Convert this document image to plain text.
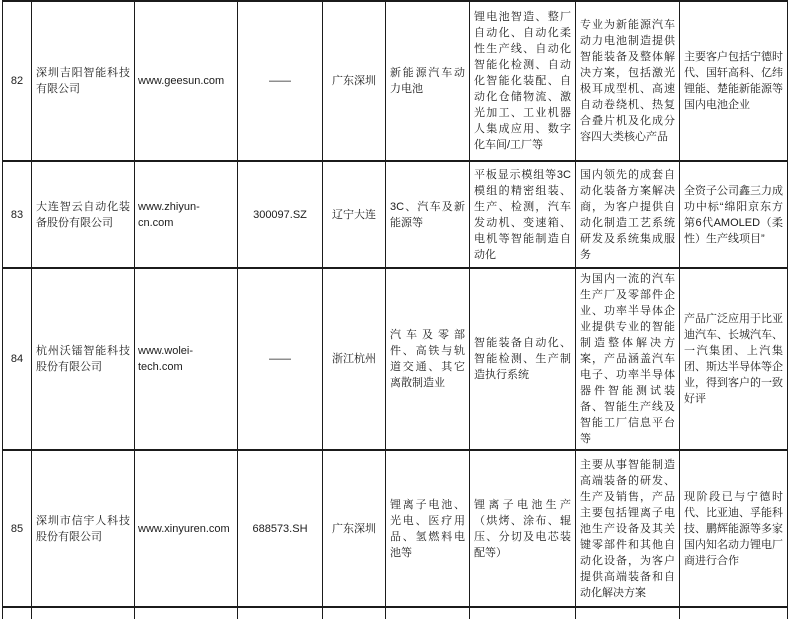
82	深圳吉阳智能科技有限公司	www.geesun.com	——	广东深圳	新能源汽车动力电池	锂电池智造、整厂自动化、自动化柔性生产线、自动化智能化检测、自动化智能化装配、自动化仓储物流、激光加工、工业机器人集成应用、数字化车间/工厂等	专业为新能源汽车动力电池制造提供智能装备及整体解决方案，包括激光极耳成型机、高速自动卷绕机、热复合叠片机及化成分容四大类核心产品	主要客户包括宁德时代、国轩高科、亿纬锂能、楚能新能源等国内电池企业
83	大连智云自动化装备股份有限公司	www.zhiyun-cn.com	300097.SZ	辽宁大连	3C、汽车及新能源等	平板显示模组等3C模组的精密组装、生产、检测，汽车发动机、变速箱、电机等智能制造自动化	国内领先的成套自动化装备方案解决商，为客户提供自动化制造工艺系统研发及系统集成服务	全资子公司鑫三力成功中标“绵阳京东方第6代AMOLED（柔性）生产线项目”
84	杭州沃镭智能科技股份有限公司	www.wolei-tech.com	——	浙江杭州	汽车及零部件、高铁与轨道交通、其它离散制造业	智能装备自动化、智能检测、生产制造执行系统	为国内一流的汽车生产厂及零部件企业、功率半导体企业提供专业的智能制造整体解决方案，产品涵盖汽车电子、功率半导体器件智能测试装备、智能生产线及智能工厂信息平台等	产品广泛应用于比亚迪汽车、长城汽车、一汽集团、上汽集团、斯达半导体等企业，得到客户的一致好评
85	深圳市信宇人科技股份有限公司	www.xinyuren.com	688573.SH	广东深圳	锂离子电池、光电、医疗用品、氢燃料电池等	锂离子电池生产（烘烤、涂布、辊压、分切及电芯装配等）	主要从事智能制造高端装备的研发、生产及销售，产品主要包括锂离子电池生产设备及其关键零部件和其他自动化设备，为客户提供高端装备和自动化解决方案	现阶段已与宁德时代、比亚迪、孚能科技、鹏辉能源等多家国内知名动力锂电厂商进行合作
